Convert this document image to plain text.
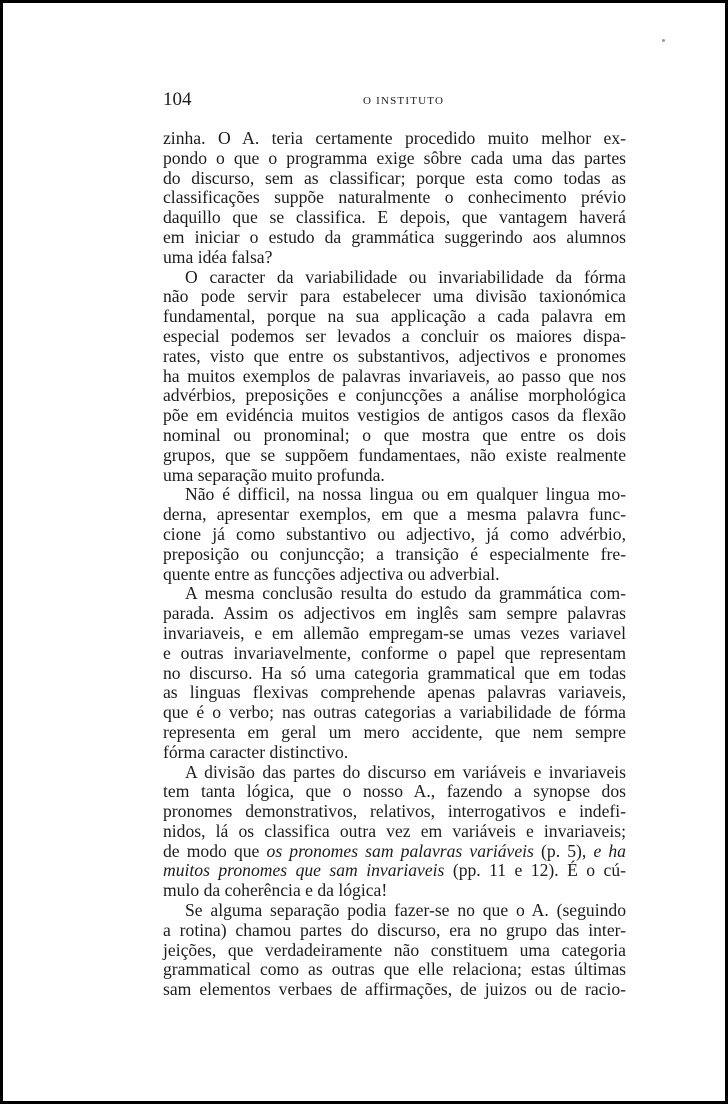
104	O INSTITUTO

zinha. O A. teria certamente procedido muito melhor ex-
pondo o que o programma exige sôbre cada uma das partes
do discurso, sem as classificar; porque esta como todas as
classificações suppõe naturalmente o conhecimento prévio
daquillo que se classifica. E depois, que vantagem haverá
em iniciar o estudo da grammática suggerindo aos alumnos
uma idéa falsa?

O caracter da variabilidade ou invariabilidade da fórma
não pode servir para estabelecer uma divisão taxionómica
fundamental, porque na sua applicação a cada palavra em
especial podemos ser levados a concluir os maiores dispa-
rates, visto que entre os substantivos, adjectivos e pronomes
ha muitos exemplos de palavras invariaveis, ao passo que nos
advérbios, preposições e conjuncções a análise morphológica
põe em evidéncia muitos vestigios de antigos casos da flexão
nominal ou pronominal; o que mostra que entre os dois
grupos, que se suppõem fundamentaes, não existe realmente
uma separação muito profunda.

Não é difficil, na nossa lingua ou em qualquer lingua mo-
derna, apresentar exemplos, em que a mesma palavra func-
cione já como substantivo ou adjectivo, já como advérbio,
preposição ou conjuncção; a transição é especialmente fre-
quente entre as funcções adjectiva ou adverbial.

A mesma conclusão resulta do estudo da grammática com-
parada. Assim os adjectivos em inglês sam sempre palavras
invariaveis, e em allemão empregam-se umas vezes variavel
e outras invariavelmente, conforme o papel que representam
no discurso. Ha só uma categoria grammatical que em todas
as linguas flexivas comprehende apenas palavras variaveis,
que é o verbo; nas outras categorias a variabilidade de fórma
representa em geral um mero accidente, que nem sempre
fórma caracter distinctivo.

A divisão das partes do discurso em variáveis e invariaveis
tem tanta lógica, que o nosso A., fazendo a synopse dos
pronomes demonstrativos, relativos, interrogativos e indefi-
nidos, lá os classifica outra vez em variáveis e invariaveis;
de modo que os pronomes sam palavras variáveis (p. 5), e ha
muitos pronomes que sam invariaveis (pp. 11 e 12). É o cú-
mulo da coherência e da lógica!

Se alguma separação podia fazer-se no que o A. (seguindo
a rotina) chamou partes do discurso, era no grupo das inter-
jeições, que verdadeiramente não constituem uma categoria
grammatical como as outras que elle relaciona; estas últimas
sam elementos verbaes de affirmações, de juizos ou de racio-
